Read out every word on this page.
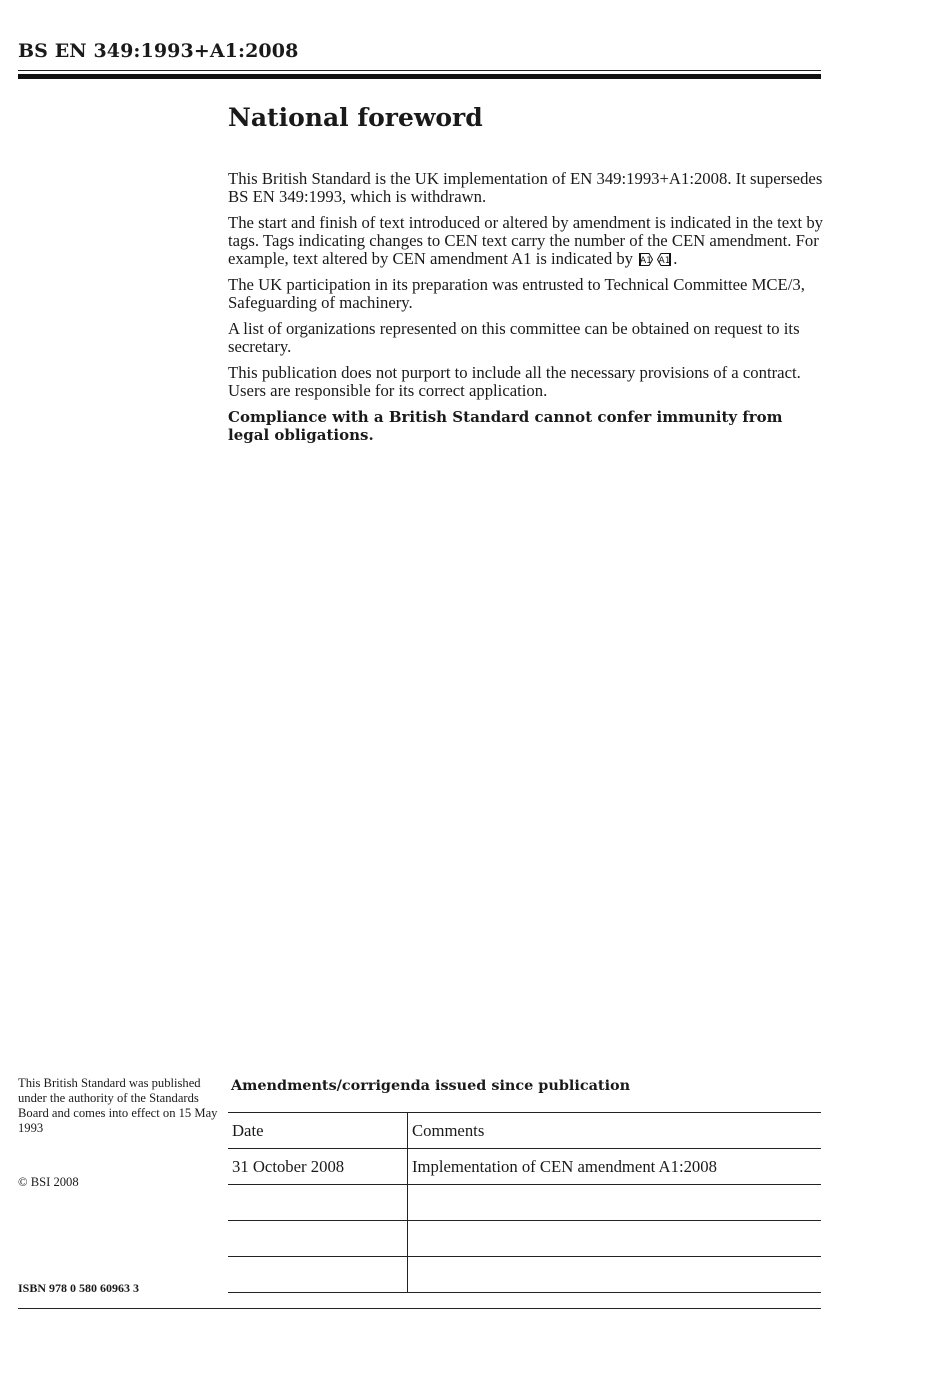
BS EN 349:1993+A1:2008
National foreword

This British Standard is the UK implementation of EN 349:1993+A1:2008. It supersedes BS EN 349:1993, which is withdrawn.

The start and finish of text introduced or altered by amendment is indicated in the text by tags. Tags indicating changes to CEN text carry the number of the CEN amendment. For example, text altered by CEN amendment A1 is indicated by A1 A1 .

The UK participation in its preparation was entrusted to Technical Committee MCE/3, Safeguarding of machinery.

A list of organizations represented on this committee can be obtained on request to its secretary.

This publication does not purport to include all the necessary provisions of a contract. Users are responsible for its correct application.

Compliance with a British Standard cannot confer immunity from legal obligations.

This British Standard was published under the authority of the Standards Board and comes into effect on 15 May 1993
© BSI 2008
ISBN 978 0 580 60963 3
Amendments/corrigenda issued since publication
Date	Comments
31 October 2008	Implementation of CEN amendment A1:2008
